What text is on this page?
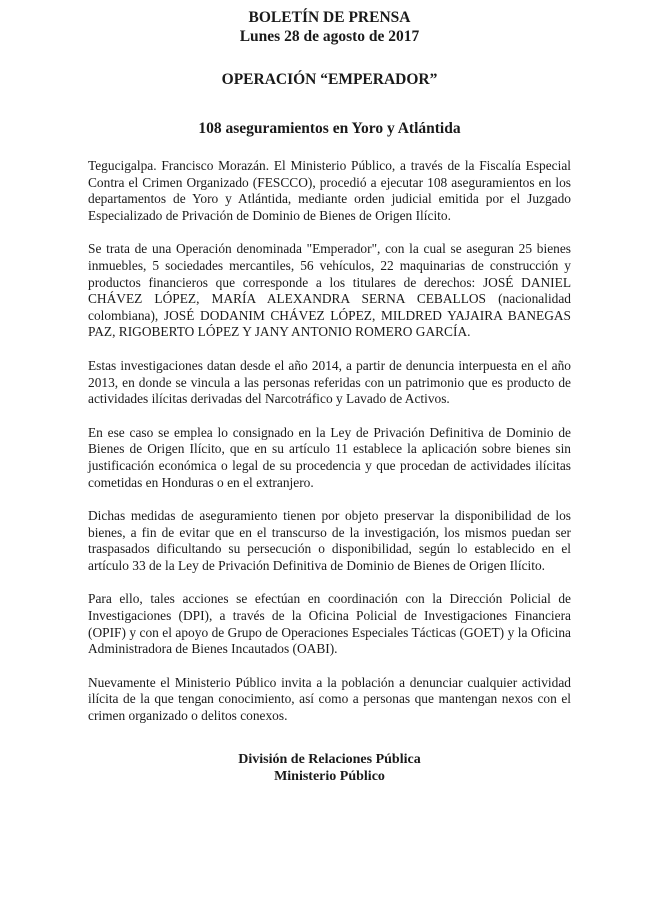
BOLETÍN DE PRENSA
Lunes 28 de agosto de 2017
OPERACIÓN “EMPERADOR”
108 aseguramientos en Yoro y Atlántida

Tegucigalpa. Francisco Morazán. El Ministerio Público, a través de la Fiscalía Especial Contra el Crimen Organizado (FESCCO), procedió a ejecutar 108 aseguramientos en los departamentos de Yoro y Atlántida, mediante orden judicial emitida por el Juzgado Especializado de Privación de Dominio de Bienes de Origen Ilícito.

Se trata de una Operación denominada "Emperador", con la cual se aseguran 25 bienes inmuebles, 5 sociedades mercantiles, 56 vehículos, 22 maquinarias de construcción y productos financieros que corresponde a los titulares de derechos: JOSÉ DANIEL CHÁVEZ LÓPEZ, MARÍA ALEXANDRA SERNA CEBALLOS (nacionalidad colombiana), JOSÉ DODANIM CHÁVEZ LÓPEZ, MILDRED YAJAIRA BANEGAS PAZ, RIGOBERTO LÓPEZ Y JANY ANTONIO ROMERO GARCÍA.

Estas investigaciones datan desde el año 2014, a partir de denuncia interpuesta en el año 2013, en donde se vincula a las personas referidas con un patrimonio que es producto de actividades ilícitas derivadas del Narcotráfico y Lavado de Activos.

En ese caso se emplea lo consignado en la Ley de Privación Definitiva de Dominio de Bienes de Origen Ilícito, que en su artículo 11 establece la aplicación sobre bienes sin justificación económica o legal de su procedencia y que procedan de actividades ilícitas cometidas en Honduras o en el extranjero.

Dichas medidas de aseguramiento tienen por objeto preservar la disponibilidad de los bienes, a fin de evitar que en el transcurso de la investigación, los mismos puedan ser traspasados dificultando su persecución o disponibilidad, según lo establecido en el artículo 33 de la Ley de Privación Definitiva de Dominio de Bienes de Origen Ilícito.

Para ello, tales acciones se efectúan en coordinación con la Dirección Policial de Investigaciones (DPI), a través de la Oficina Policial de Investigaciones Financiera (OPIF) y con el apoyo de Grupo de Operaciones Especiales Tácticas (GOET) y la Oficina Administradora de Bienes Incautados (OABI).

Nuevamente el Ministerio Público invita a la población a denunciar cualquier actividad ilícita de la que tengan conocimiento, así como a personas que mantengan nexos con el crimen organizado o delitos conexos.

División de Relaciones Pública
Ministerio Público
